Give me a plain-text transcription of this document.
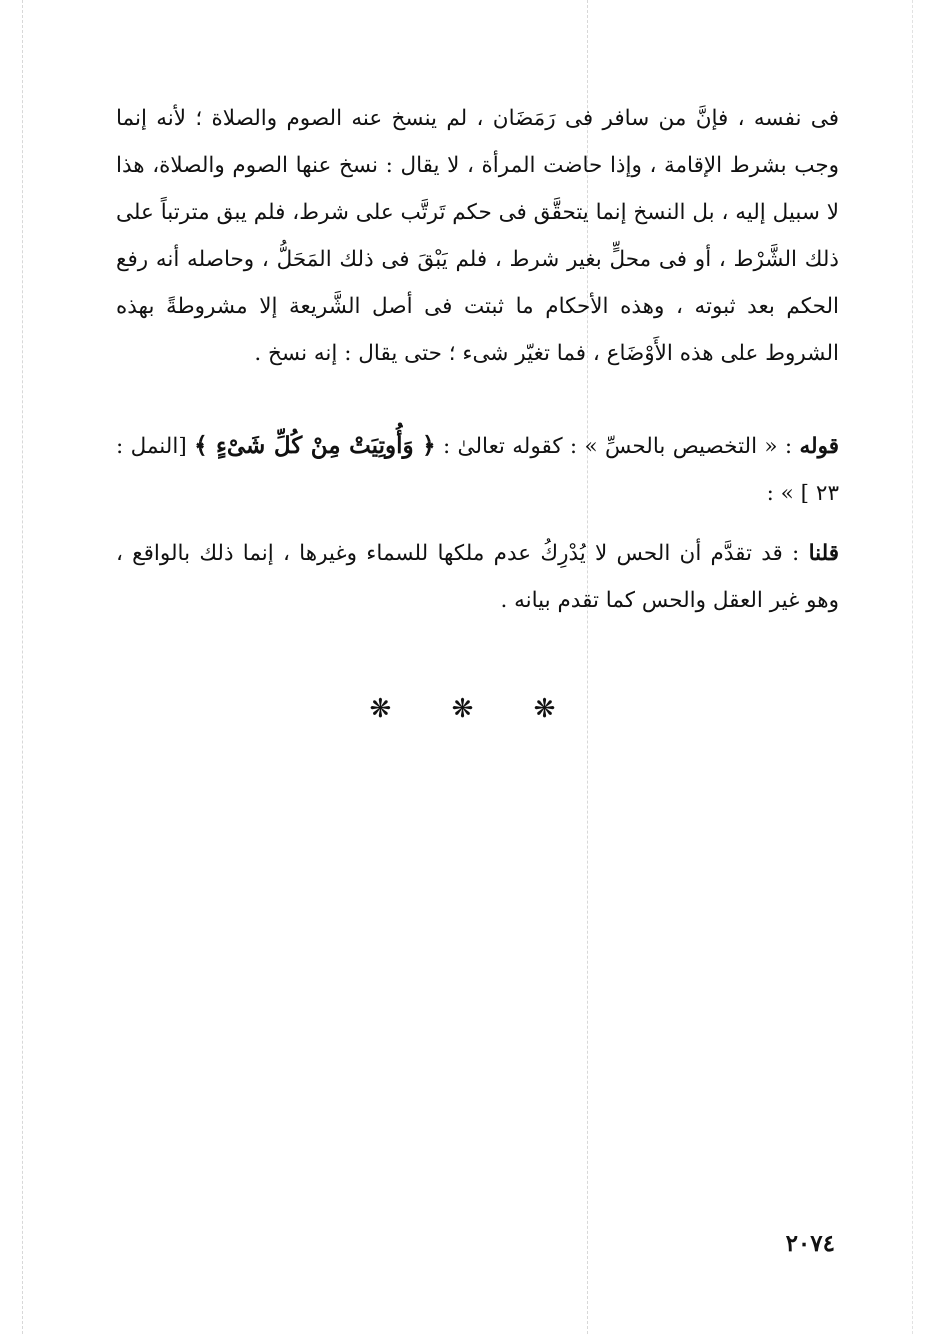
فى نفسه ، فإنَّ من سافر فى رَمَضَان ، لم ينسخ عنه الصوم والصلاة ؛ لأنه إنما وجب بشرط الإقامة ، وإذا حاضت المرأة ، لا يقال : نسخ عنها الصوم والصلاة، هذا لا سبيل إليه ، بل النسخ إنما يتحقَّق فى حكم تَرتَّب على شرط، فلم يبق مترتباً على ذلك الشَّرْط ، أو فى محلٍّ بغير شرط ، فلم يَبْقَ فى ذلك المَحَلُّ ، وحاصله أنه رفع الحكم بعد ثبوته ، وهذه الأحكام ما ثبتت فى أصل الشَّريعة إلا مشروطةً بهذه الشروط على هذه الأَوْضَاع ، فما تغيّر شىء ؛ حتى يقال : إنه نسخ .

قوله : « التخصيص بالحسِّ » : كقوله تعالىٰ : ﴿ وَأُوتِيَتْ مِنْ كُلِّ شَىْءٍ ﴾ [النمل : ٢٣ ] » :

قلنا : قد تقدَّم أن الحس لا يُدْرِكُ عدم ملكها للسماء وغيرها ، إنما ذلك بالواقع ، وهو غير العقل والحس كما تقدم بيانه .

❋ ❋ ❋
٢٠٧٤
